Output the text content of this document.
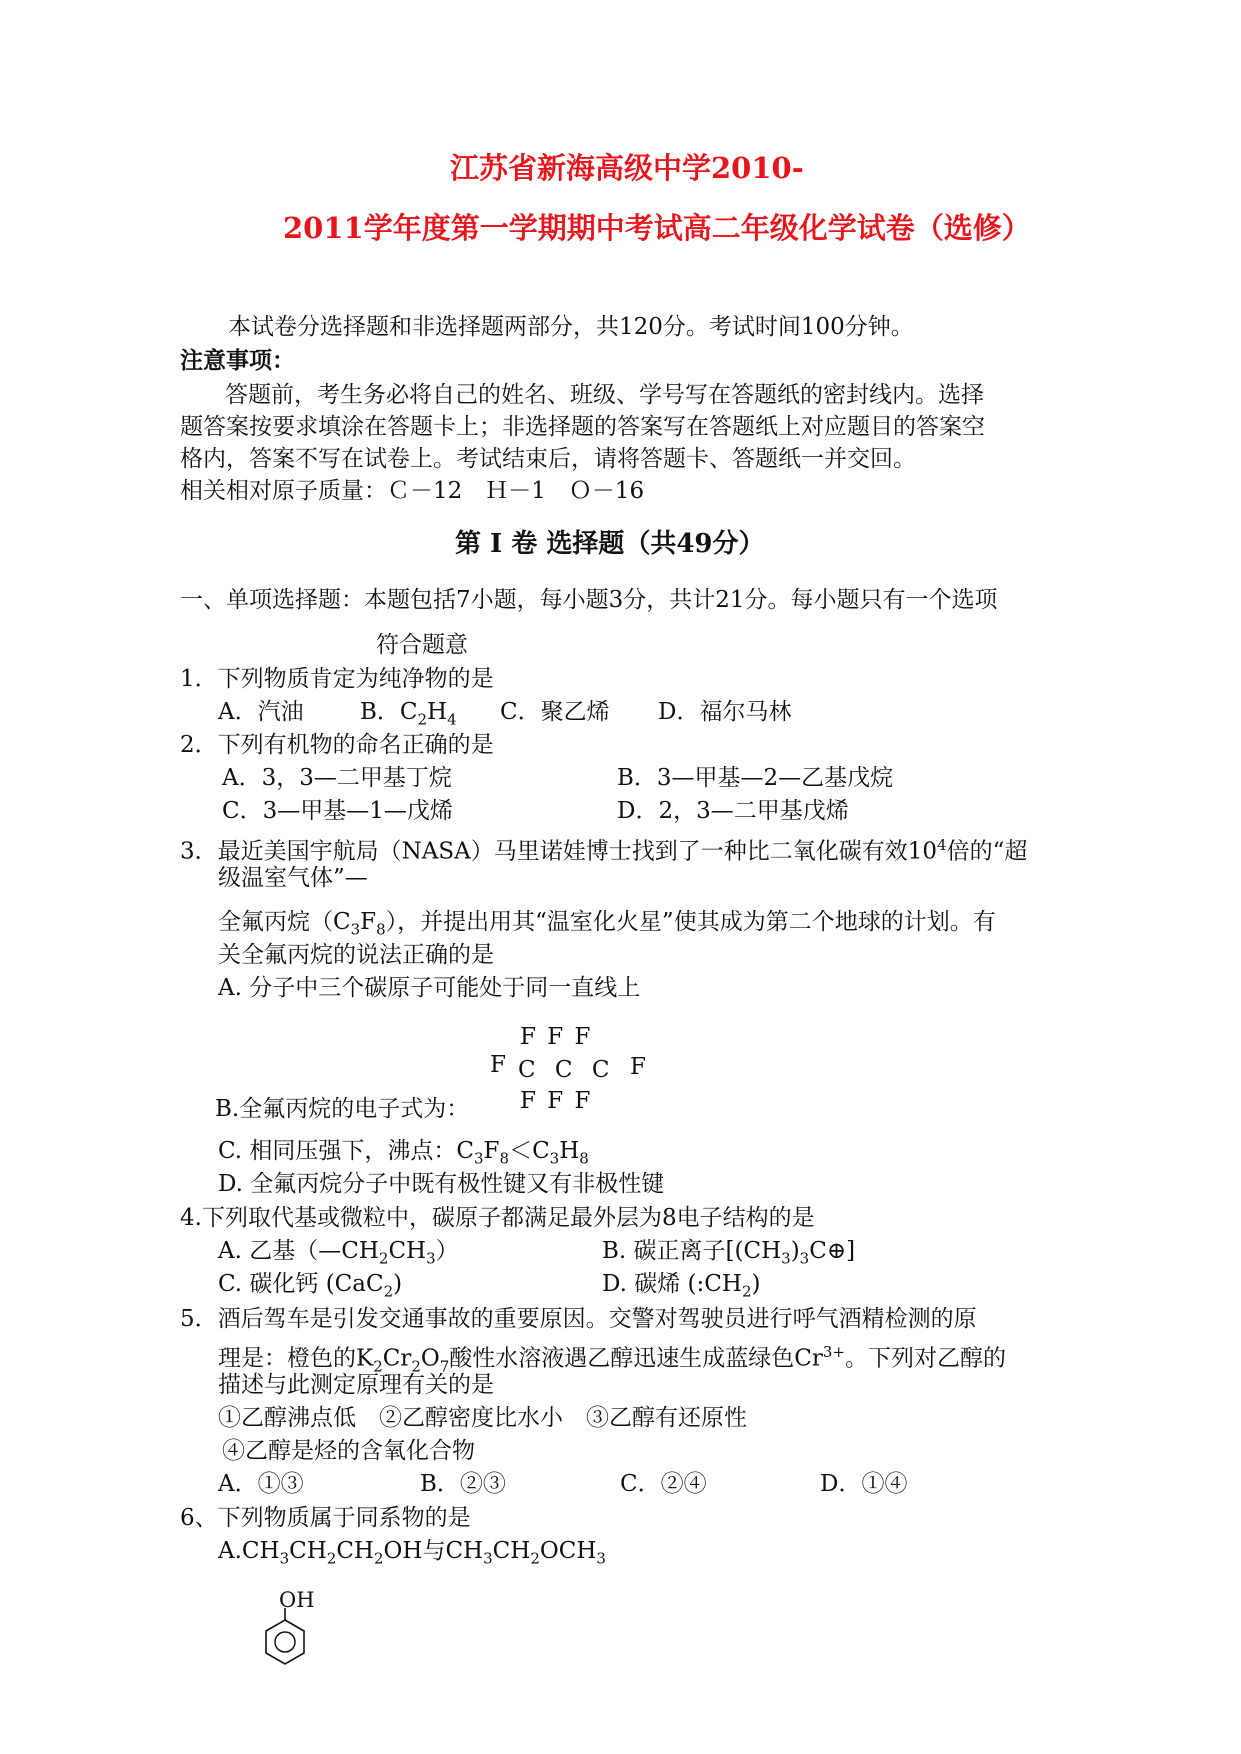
江苏省新海高级中学2010-
2011学年度第一学期期中考试高二年级化学试卷（选修）
本试卷分选择题和非选择题两部分，共120分。考试时间100分钟。
注意事项：
答题前，考生务必将自己的姓名、班级、学号写在答题纸的密封线内。选择
题答案按要求填涂在答题卡上；非选择题的答案写在答题纸上对应题目的答案空
格内，答案不写在试卷上。考试结束后，请将答题卡、答题纸一并交回。
相关相对原子质量：Ｃ－12　Ｈ－1　Ｏ－16
第 I 卷 选择题（共49分）
一、单项选择题：本题包括7小题，每小题3分，共计21分。每小题只有一个选项
符合题意
1．下列物质肯定为纯净物的是
A．汽油 B．$C_2H_4$ C．聚乙烯 D．福尔马林
2．下列有机物的命名正确的是
A．3，3—二甲基丁烷	B．3—甲基—2—乙基戊烷
C．3—甲基—1—戊烯	D．2，3—二甲基戊烯
3．最近美国宇航局（NASA）马里诺娃博士找到了一种比二氧化碳有效$10^4$倍的“超
级温室气体”—
全氟丙烷$(C_3F_8)$，并提出用其“温室化火星”使其成为第二个地球的计划。有
关全氟丙烷的说法正确的是
A. 分子中三个碳原子可能处于同一直线上
F F F
F C C C F
B.全氟丙烷的电子式为： F F F
C. 相同压强下，沸点：$C_3F_8<C_3H_8$
D. 全氟丙烷分子中既有极性键又有非极性键
4.下列取代基或微粒中，碳原子都满足最外层为8电子结构的是
A. 乙基$(—CH_2CH_3)$	B. 碳正离子$[(CH_3)_3C\oplus]$
C. 碳化钙 (CaC$_2$)	D. 碳烯 $(:CH_2)$
5．酒后驾车是引发交通事故的重要原因。交警对驾驶员进行呼气酒精检测的原
理是：橙色的$K_2Cr_2O_7$酸性水溶液遇乙醇迅速生成蓝绿色$Cr^{3+}$。下列对乙醇的
描述与此测定原理有关的是
①乙醇沸点低　②乙醇密度比水小　③乙醇有还原性
④乙醇是烃的含氧化合物
A．①③	B．②③	C．②④	D．①④
6、下列物质属于同系物的是
$A.CH_3CH_2CH_2OH$与$CH_3CH_2OCH_3$
OH
